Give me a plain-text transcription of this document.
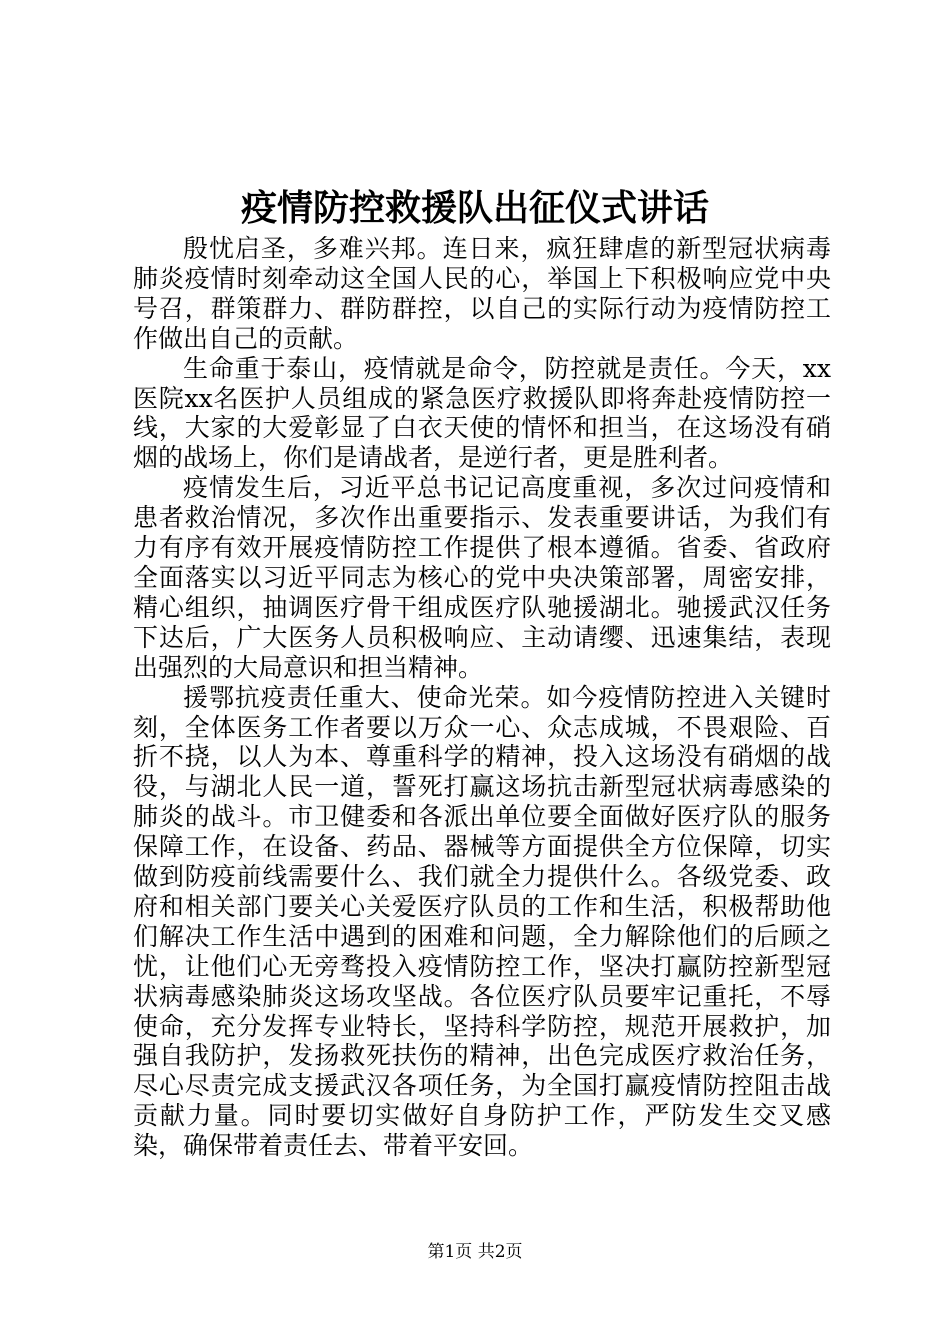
疫情防控救援队出征仪式讲话

殷忧启圣，多难兴邦。连日来，疯狂肆虐的新型冠状病毒肺炎疫情时刻牵动这全国人民的心，举国上下积极响应党中央号召，群策群力、群防群控，以自己的实际行动为疫情防控工作做出自己的贡献。

生命重于泰山，疫情就是命令，防控就是责任。今天，xx医院xx名医护人员组成的紧急医疗救援队即将奔赴疫情防控一线，大家的大爱彰显了白衣天使的情怀和担当，在这场没有硝烟的战场上，你们是请战者，是逆行者，更是胜利者。

疫情发生后，习近平总书记记高度重视，多次过问疫情和患者救治情况，多次作出重要指示、发表重要讲话，为我们有力有序有效开展疫情防控工作提供了根本遵循。省委、省政府全面落实以习近平同志为核心的党中央决策部署，周密安排，精心组织，抽调医疗骨干组成医疗队驰援湖北。驰援武汉任务下达后，广大医务人员积极响应、主动请缨、迅速集结，表现出强烈的大局意识和担当精神。

援鄂抗疫责任重大、使命光荣。如今疫情防控进入关键时刻，全体医务工作者要以万众一心、众志成城，不畏艰险、百折不挠，以人为本、尊重科学的精神，投入这场没有硝烟的战役，与湖北人民一道，誓死打赢这场抗击新型冠状病毒感染的肺炎的战斗。市卫健委和各派出单位要全面做好医疗队的服务保障工作，在设备、药品、器械等方面提供全方位保障，切实做到防疫前线需要什么、我们就全力提供什么。各级党委、政府和相关部门要关心关爱医疗队员的工作和生活，积极帮助他们解决工作生活中遇到的困难和问题，全力解除他们的后顾之忧，让他们心无旁骛投入疫情防控工作，坚决打赢防控新型冠状病毒感染肺炎这场攻坚战。各位医疗队员要牢记重托，不辱使命，充分发挥专业特长，坚持科学防控，规范开展救护，加强自我防护，发扬救死扶伤的精神，出色完成医疗救治任务，尽心尽责完成支援武汉各项任务，为全国打赢疫情防控阻击战贡献力量。同时要切实做好自身防护工作，严防发生交叉感染，确保带着责任去、带着平安回。

第1页 共2页
